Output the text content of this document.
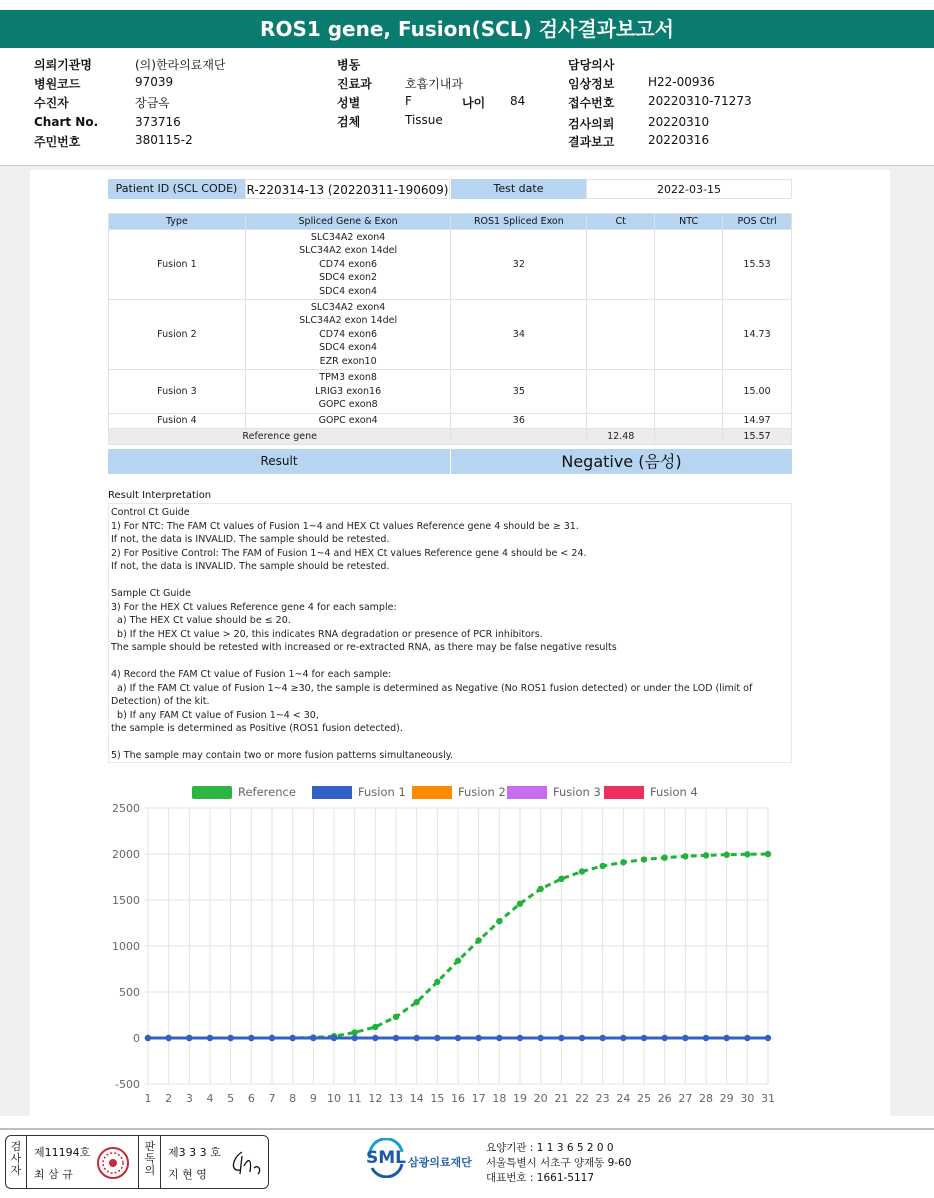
ROS1 gene, Fusion(SCL) 검사결과보고서
의뢰기관명	(의)한라의료재단
병원코드	97039
수진자	장금옥
Chart No.	373716
주민번호	380115-2
병동
진료과	호흡기내과
성별	F	나이 84
검체	Tissue
담당의사
임상정보	H22-00936
접수번호	20220310-71273
검사의뢰	20220310
결과보고	20220316
Patient ID (SCL CODE) R-220314-13 (20220311-190609)	Test date	2022-03-15
Type	Spliced Gene & Exon	ROS1 Spliced Exon	Ct	NTC	POS Ctrl
Fusion 1	SLC34A2 exon4
SLC34A2 exon 14del
CD74 exon6
SDC4 exon2
SDC4 exon4	32			15.53
Fusion 2	SLC34A2 exon4
SLC34A2 exon 14del
CD74 exon6
SDC4 exon4
EZR exon10	34			14.73
Fusion 3	TPM3 exon8
LRIG3 exon16
GOPC exon8	35			15.00
Fusion 4	GOPC exon4	36			14.97
Reference gene			12.48		15.57
Result	Negative (음성)
Result Interpretation
Control Ct Guide
1) For NTC: The FAM Ct values of Fusion 1~4 and HEX Ct values Reference gene 4 should be ≥ 31.
If not, the data is INVALID. The sample should be retested.
2) For Positive Control: The FAM of Fusion 1~4 and HEX Ct values Reference gene 4 should be < 24.
If not, the data is INVALID. The sample should be retested.
Sample Ct Guide
3) For the HEX Ct values Reference gene 4 for each sample:
a) The HEX Ct value should be ≤ 20.
b) If the HEX Ct value > 20, this indicates RNA degradation or presence of PCR inhibitors.
The sample should be retested with increased or re-extracted RNA, as there may be false negative results
4) Record the FAM Ct value of Fusion 1~4 for each sample:
a) If the FAM Ct value of Fusion 1~4 ≥30, the sample is determined as Negative (No ROS1 fusion detected) or under the LOD (limit of Detection) of the kit.
b) If any FAM Ct value of Fusion 1~4 < 30,
the sample is determined as Positive (ROS1 fusion detected).
5) The sample may contain two or more fusion patterns simultaneously.
2500
2000
1500
1000
500
0
-500
1 2 3 4 5 6 7 8 9 10 11 12 13 14 15 16 17 18 19 20 21 22 23 24 25 26 27 28 29 30 31
Reference	Fusion 1	Fusion 2	Fusion 3	Fusion 4
검
사
자
제11194호
최 삼 규
판
독
의
제3 3 3 호
지 현 영
SML 삼광의료재단
요양기관 : 1 1 3 6 5 2 0 0
서울특별시 서초구 양재동 9-60
대표번호 : 1661-5117
